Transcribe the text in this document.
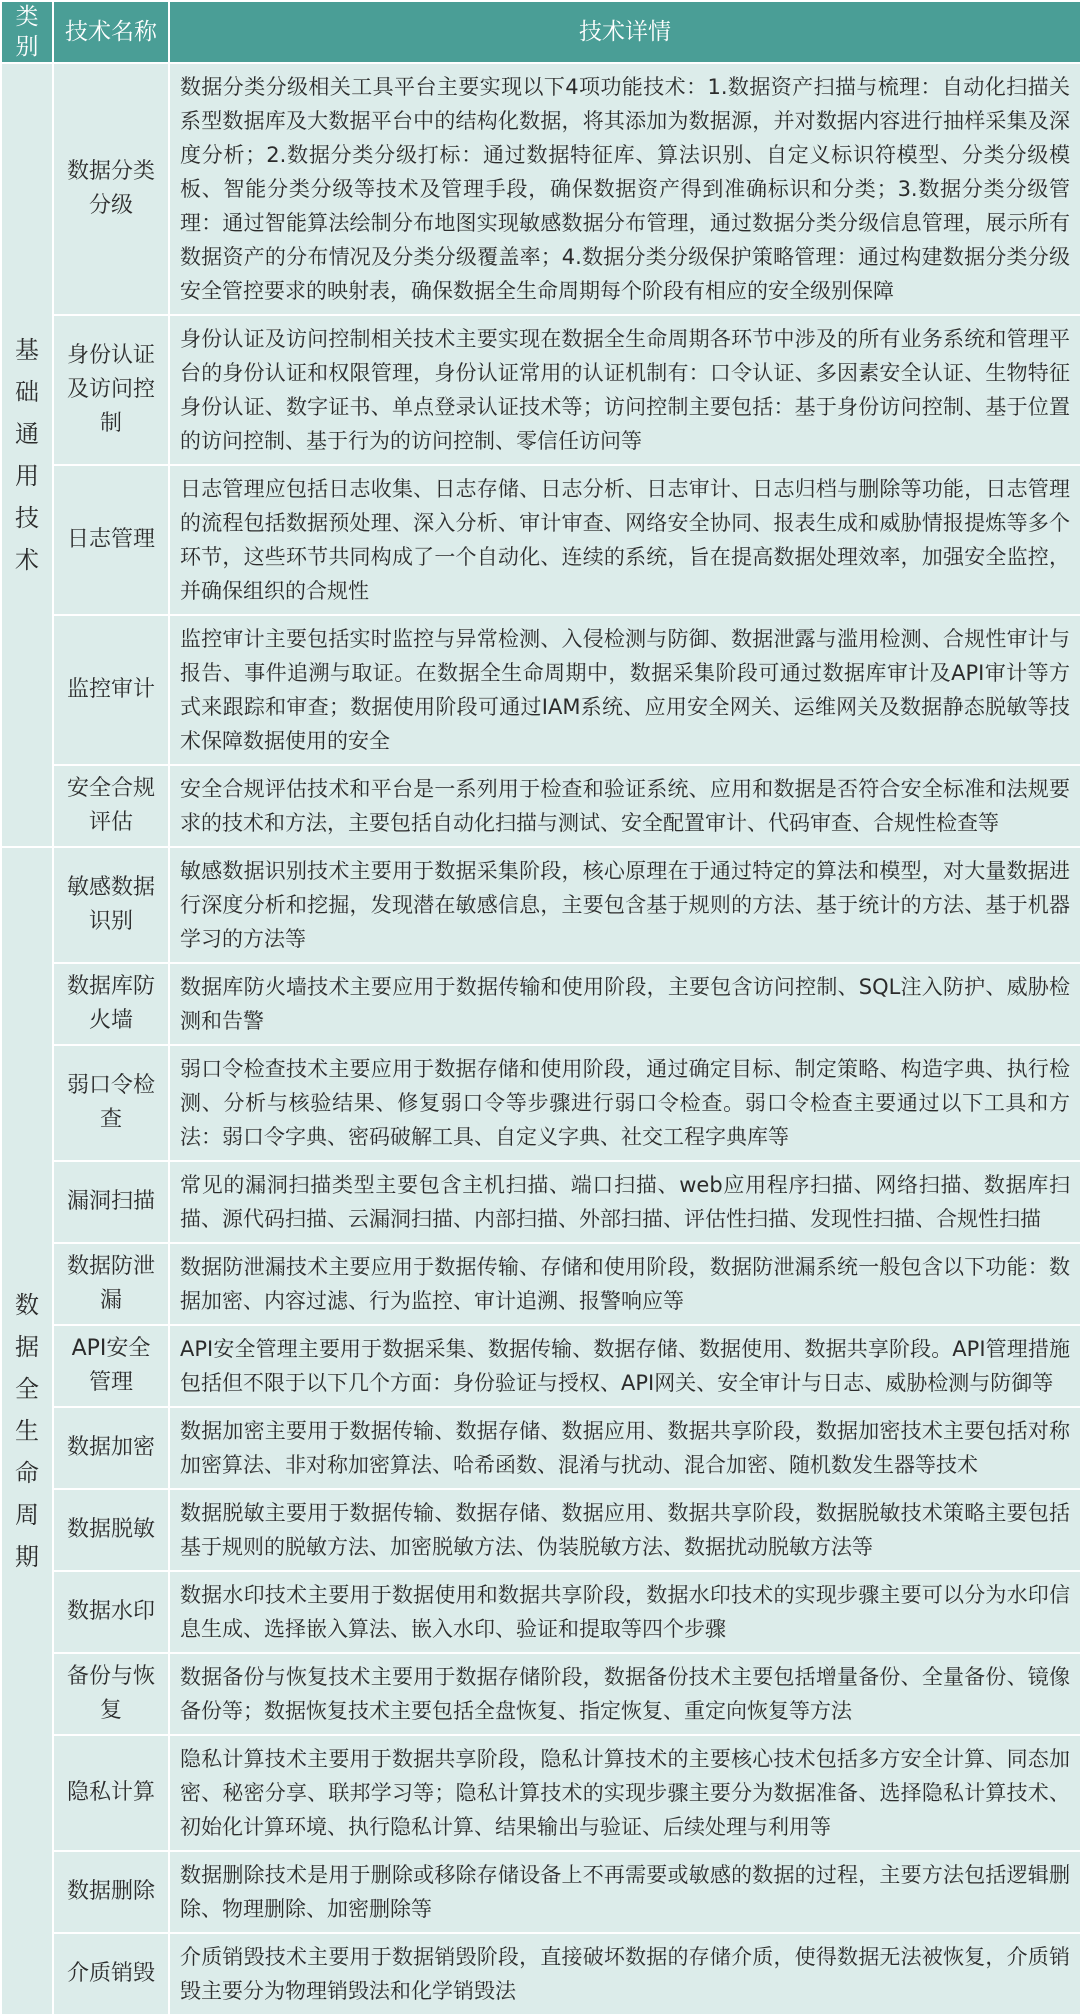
类别	技术名称	技术详情
基础通用技术	数据分类分级	数据分类分级相关工具平台主要实现以下4项功能技术：1.数据资产扫描与梳理：自动化扫描关系型数据库及大数据平台中的结构化数据，将其添加为数据源，并对数据内容进行抽样采集及深度分析；2.数据分类分级打标：通过数据特征库、算法识别、自定义标识符模型、分类分级模板、智能分类分级等技术及管理手段，确保数据资产得到准确标识和分类；3.数据分类分级管理：通过智能算法绘制分布地图实现敏感数据分布管理，通过数据分类分级信息管理，展示所有数据资产的分布情况及分类分级覆盖率；4.数据分类分级保护策略管理：通过构建数据分类分级安全管控要求的映射表，确保数据全生命周期每个阶段有相应的安全级别保障
	身份认证及访问控制	身份认证及访问控制相关技术主要实现在数据全生命周期各环节中涉及的所有业务系统和管理平台的身份认证和权限管理，身份认证常用的认证机制有：口令认证、多因素安全认证、生物特征身份认证、数字证书、单点登录认证技术等；访问控制主要包括：基于身份访问控制、基于位置的访问控制、基于行为的访问控制、零信任访问等
	日志管理	日志管理应包括日志收集、日志存储、日志分析、日志审计、日志归档与删除等功能，日志管理的流程包括数据预处理、深入分析、审计审查、网络安全协同、报表生成和威胁情报提炼等多个环节，这些环节共同构成了一个自动化、连续的系统，旨在提高数据处理效率，加强安全监控，并确保组织的合规性
	监控审计	监控审计主要包括实时监控与异常检测、入侵检测与防御、数据泄露与滥用检测、合规性审计与报告、事件追溯与取证。在数据全生命周期中，数据采集阶段可通过数据库审计及API审计等方式来跟踪和审查；数据使用阶段可通过IAM系统、应用安全网关、运维网关及数据静态脱敏等技术保障数据使用的安全
	安全合规评估	安全合规评估技术和平台是一系列用于检查和验证系统、应用和数据是否符合安全标准和法规要求的技术和方法，主要包括自动化扫描与测试、安全配置审计、代码审查、合规性检查等
数据全生命周期	敏感数据识别	敏感数据识别技术主要用于数据采集阶段，核心原理在于通过特定的算法和模型，对大量数据进行深度分析和挖掘，发现潜在敏感信息，主要包含基于规则的方法、基于统计的方法、基于机器学习的方法等
	数据库防火墙	数据库防火墙技术主要应用于数据传输和使用阶段，主要包含访问控制、SQL注入防护、威胁检测和告警
	弱口令检查	弱口令检查技术主要应用于数据存储和使用阶段，通过确定目标、制定策略、构造字典、执行检测、分析与核验结果、修复弱口令等步骤进行弱口令检查。弱口令检查主要通过以下工具和方法：弱口令字典、密码破解工具、自定义字典、社交工程字典库等
	漏洞扫描	常见的漏洞扫描类型主要包含主机扫描、端口扫描、web应用程序扫描、网络扫描、数据库扫描、源代码扫描、云漏洞扫描、内部扫描、外部扫描、评估性扫描、发现性扫描、合规性扫描
	数据防泄漏	数据防泄漏技术主要应用于数据传输、存储和使用阶段，数据防泄漏系统一般包含以下功能：数据加密、内容过滤、行为监控、审计追溯、报警响应等
	API安全管理	API安全管理主要用于数据采集、数据传输、数据存储、数据使用、数据共享阶段。API管理措施包括但不限于以下几个方面：身份验证与授权、API网关、安全审计与日志、威胁检测与防御等
	数据加密	数据加密主要用于数据传输、数据存储、数据应用、数据共享阶段，数据加密技术主要包括对称加密算法、非对称加密算法、哈希函数、混淆与扰动、混合加密、随机数发生器等技术
	数据脱敏	数据脱敏主要用于数据传输、数据存储、数据应用、数据共享阶段，数据脱敏技术策略主要包括基于规则的脱敏方法、加密脱敏方法、伪装脱敏方法、数据扰动脱敏方法等
	数据水印	数据水印技术主要用于数据使用和数据共享阶段，数据水印技术的实现步骤主要可以分为水印信息生成、选择嵌入算法、嵌入水印、验证和提取等四个步骤
	备份与恢复	数据备份与恢复技术主要用于数据存储阶段，数据备份技术主要包括增量备份、全量备份、镜像备份等；数据恢复技术主要包括全盘恢复、指定恢复、重定向恢复等方法
	隐私计算	隐私计算技术主要用于数据共享阶段，隐私计算技术的主要核心技术包括多方安全计算、同态加密、秘密分享、联邦学习等；隐私计算技术的实现步骤主要分为数据准备、选择隐私计算技术、初始化计算环境、执行隐私计算、结果输出与验证、后续处理与利用等
	数据删除	数据删除技术是用于删除或移除存储设备上不再需要或敏感的数据的过程，主要方法包括逻辑删除、物理删除、加密删除等
	介质销毁	介质销毁技术主要用于数据销毁阶段，直接破坏数据的存储介质，使得数据无法被恢复，介质销毁主要分为物理销毁法和化学销毁法
